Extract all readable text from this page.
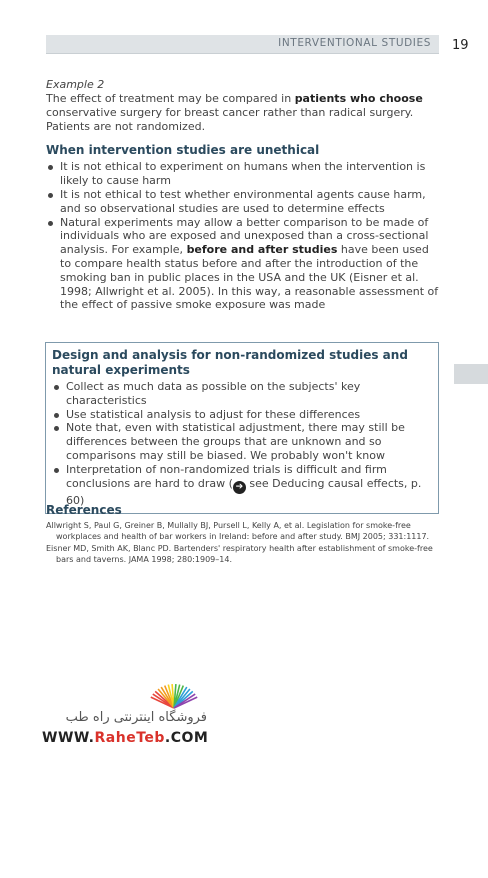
INTERVENTIONAL STUDIES 19

Example 2

The effect of treatment may be compared in patients who choose conservative surgery for breast cancer rather than radical surgery. Patients are not randomized.

When intervention studies are unethical
It is not ethical to experiment on humans when the intervention is likely to cause harm
It is not ethical to test whether environmental agents cause harm, and so observational studies are used to determine effects
Natural experiments may allow a better comparison to be made of individuals who are exposed and unexposed than a cross-sectional analysis. For example, before and after studies have been used to compare health status before and after the introduction of the smoking ban in public places in the USA and the UK (Eisner et al. 1998; Allwright et al. 2005). In this way, a reasonable assessment of the effect of passive smoke exposure was made
Design and analysis for non-randomized studies and natural experiments
Collect as much data as possible on the subjects' key characteristics
Use statistical analysis to adjust for these differences
Note that, even with statistical adjustment, there may still be differences between the groups that are unknown and so comparisons may still be biased. We probably won't know
Interpretation of non-randomized trials is difficult and firm conclusions are hard to draw ( ➔ see Deducing causal effects, p. 60)
References

Allwright S, Paul G, Greiner B, Mullally BJ, Pursell L, Kelly A, et al. Legislation for smoke-free workplaces and health of bar workers in Ireland: before and after study. BMJ 2005; 331:1117.

Eisner MD, Smith AK, Blanc PD. Bartenders' respiratory health after establishment of smoke-free bars and taverns. JAMA 1998; 280:1909–14.

فروشگاه اینترنتی راه طب
WWW.RaheTeb.COM
